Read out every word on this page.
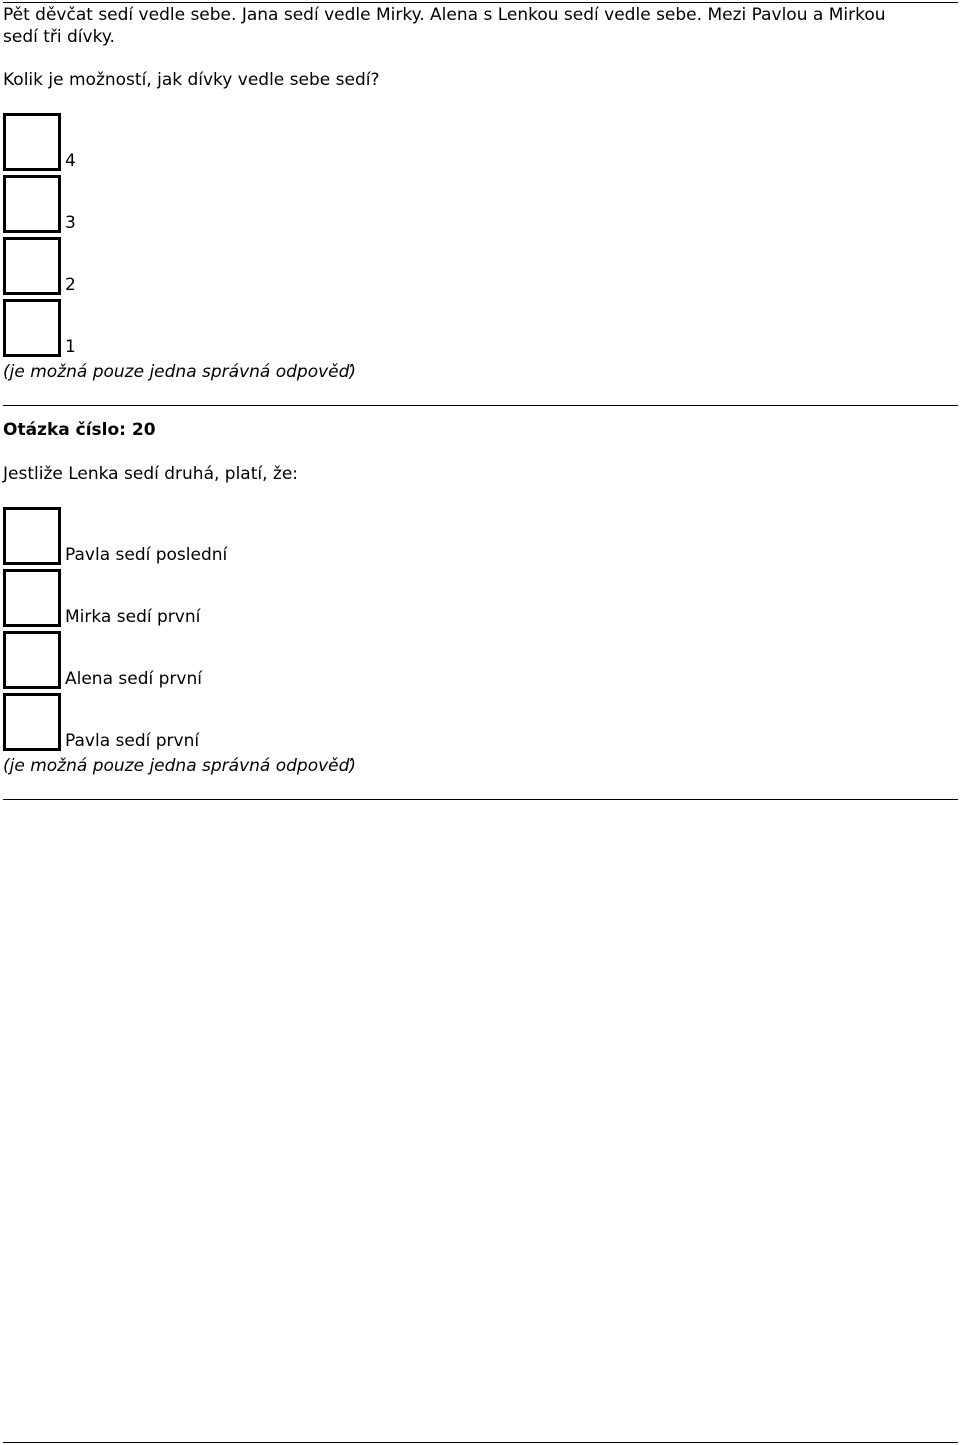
Pět děvčat sedí vedle sebe. Jana sedí vedle Mirky. Alena s Lenkou sedí vedle sebe. Mezi Pavlou a Mirkou
sedí tři dívky.
Kolik je možností, jak dívky vedle sebe sedí?
4
3
2
1
(je možná pouze jedna správná odpověď)
Otázka číslo: 20
Jestliže Lenka sedí druhá, platí, že:
Pavla sedí poslední
Mirka sedí první
Alena sedí první
Pavla sedí první
(je možná pouze jedna správná odpověď)
